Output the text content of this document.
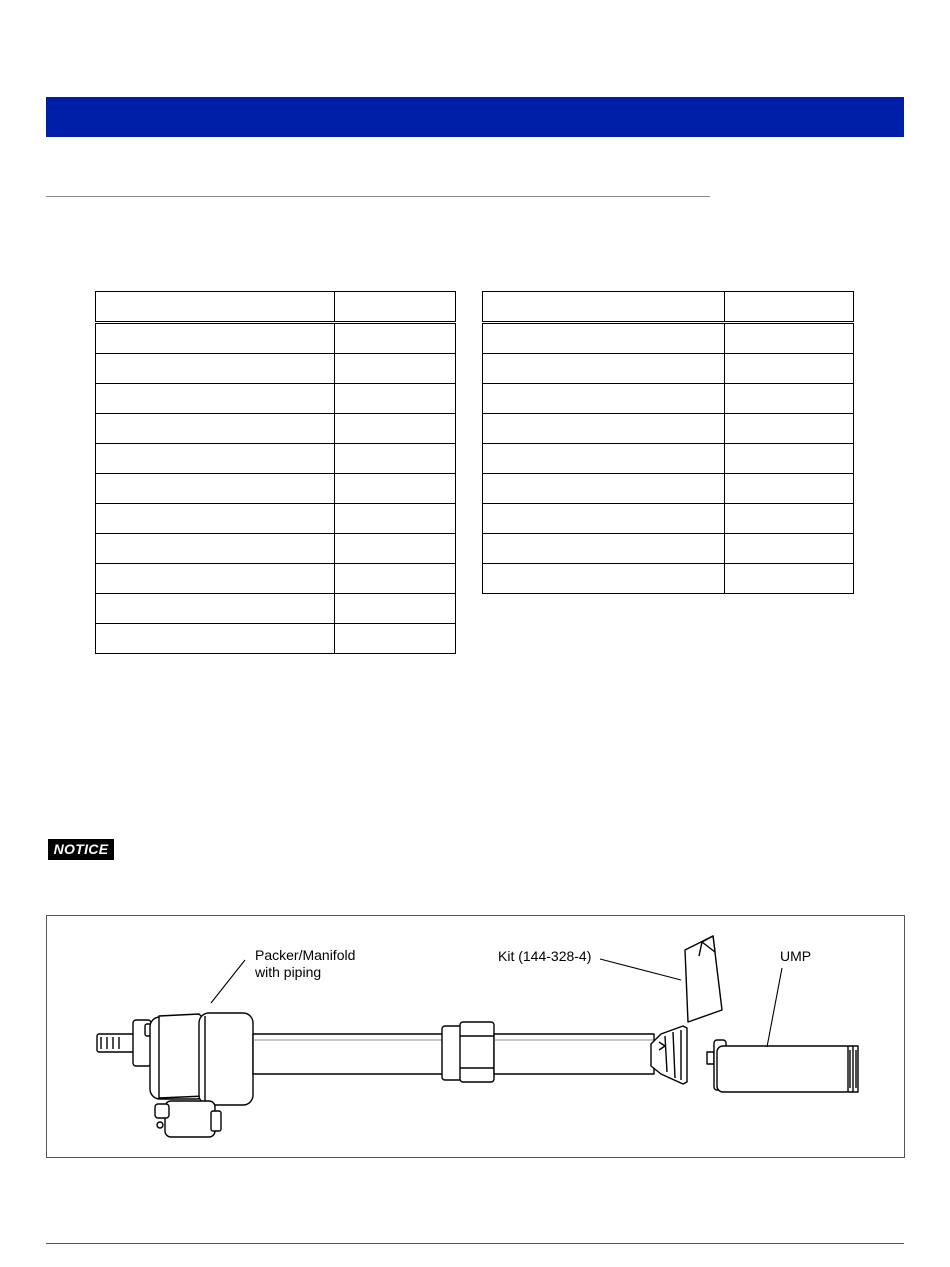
NOTICE
Packer/Manifold
with piping
Kit (144-328-4)	UMP
